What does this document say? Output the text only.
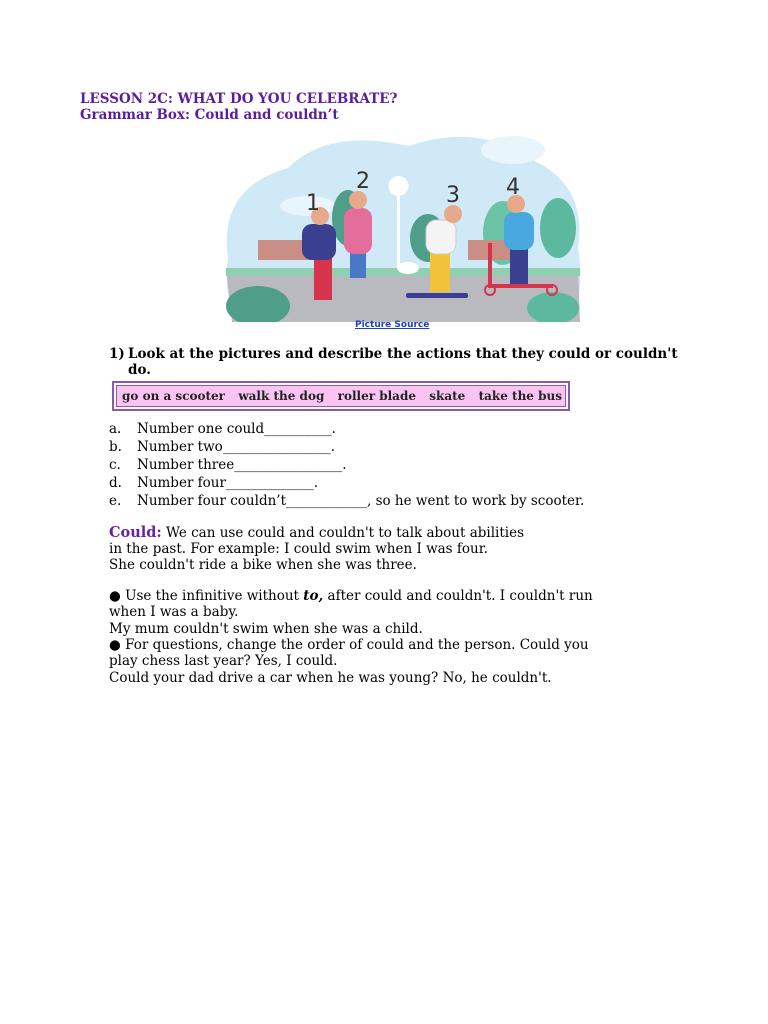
LESSON 2C: WHAT DO YOU CELEBRATE?
Grammar Box: Could and couldn’t
1
2
3 4
Picture Source
1) Look at the pictures and describe the actions that they could or couldn't
do.
go on a scooter walk the dog roller blade skate take the bus
a. Number one could__________.
b. Number two________________.
c. Number three________________.
d. Number four_____________.
e. Number four couldn’t____________, so he went to work by scooter.
Could: We can use could and couldn't to talk about abilities
in the past. For example: I could swim when I was four.
She couldn't ride a bike when she was three.
● Use the infinitive without to, after could and couldn't. I couldn't run
when I was a baby.
My mum couldn't swim when she was a child.
● For questions, change the order of could and the person. Could you
play chess last year? Yes, I could.
Could your dad drive a car when he was young? No, he couldn't.
